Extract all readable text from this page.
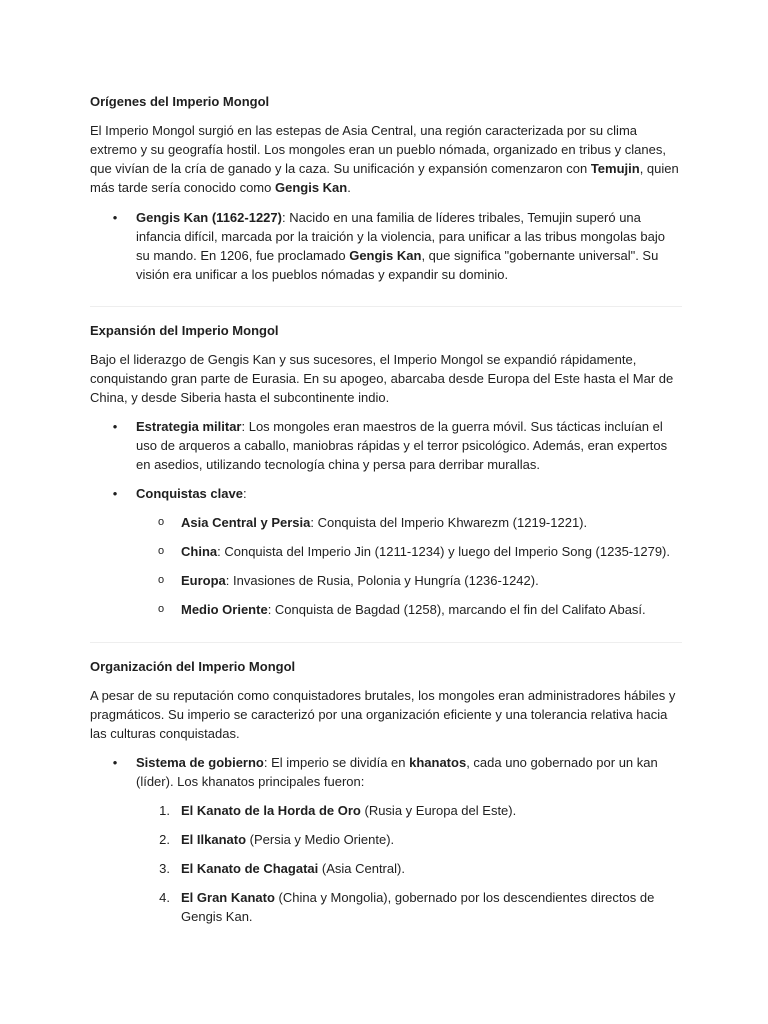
Orígenes del Imperio Mongol

El Imperio Mongol surgió en las estepas de Asia Central, una región caracterizada por su clima extremo y su geografía hostil. Los mongoles eran un pueblo nómada, organizado en tribus y clanes, que vivían de la cría de ganado y la caza. Su unificación y expansión comenzaron con Temujin, quien más tarde sería conocido como Gengis Kan.

• Gengis Kan (1162-1227): Nacido en una familia de líderes tribales, Temujin superó una infancia difícil, marcada por la traición y la violencia, para unificar a las tribus mongolas bajo su mando. En 1206, fue proclamado Gengis Kan, que significa "gobernante universal". Su visión era unificar a los pueblos nómadas y expandir su dominio.
Expansión del Imperio Mongol

Bajo el liderazgo de Gengis Kan y sus sucesores, el Imperio Mongol se expandió rápidamente, conquistando gran parte de Eurasia. En su apogeo, abarcaba desde Europa del Este hasta el Mar de China, y desde Siberia hasta el subcontinente indio.

• Estrategia militar: Los mongoles eran maestros de la guerra móvil. Sus tácticas incluían el uso de arqueros a caballo, maniobras rápidas y el terror psicológico. Además, eran expertos en asedios, utilizando tecnología china y persa para derribar murallas.
• Conquistas clave:
o Asia Central y Persia: Conquista del Imperio Khwarezm (1219-1221).
o China: Conquista del Imperio Jin (1211-1234) y luego del Imperio Song (1235-1279).
o Europa: Invasiones de Rusia, Polonia y Hungría (1236-1242).
o Medio Oriente: Conquista de Bagdad (1258), marcando el fin del Califato Abasí.
Organización del Imperio Mongol

A pesar de su reputación como conquistadores brutales, los mongoles eran administradores hábiles y pragmáticos. Su imperio se caracterizó por una organización eficiente y una tolerancia relativa hacia las culturas conquistadas.

• Sistema de gobierno: El imperio se dividía en khanatos, cada uno gobernado por un kan (líder). Los khanatos principales fueron:
1. El Kanato de la Horda de Oro (Rusia y Europa del Este).
2. El Ilkanato (Persia y Medio Oriente).
3. El Kanato de Chagatai (Asia Central).
4. El Gran Kanato (China y Mongolia), gobernado por los descendientes directos de Gengis Kan.
